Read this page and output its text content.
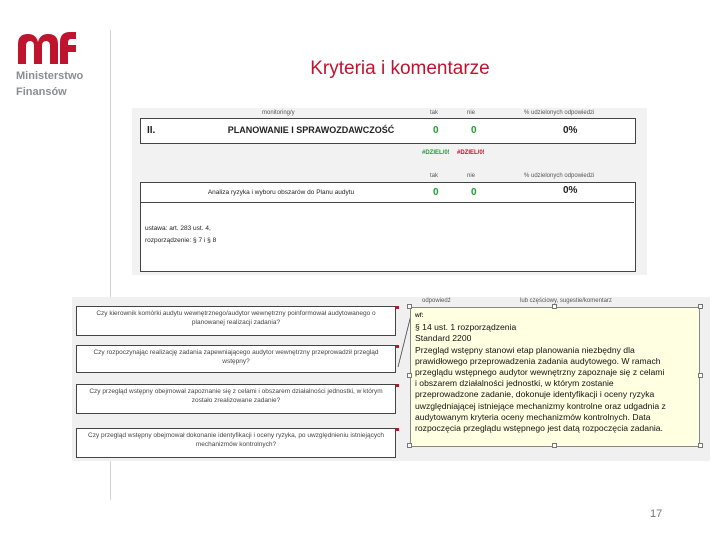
Ministerstwo
Finansów
Kryteria i komentarze
monitoring/y	tak	nie	% udzielonych odpowiedzi
II.	PLANOWANIE I SPRAWOZDAWCZOŚĆ	0	0	0%
#DZIEL/0! #DZIEL/0!
tak	nie	% udzielonych odpowiedzi
Analiza ryzyka i wyboru obszarów do Planu audytu	0	0	0%
ustawa: art. 283 ust. 4,
rozporządzenie: § 7 i § 8
odpowiedź	lub częściowy, sugestie/komentarz
Czy kierownik komórki audytu wewnętrznego/audytor wewnętrzny poinformował audytowanego o planowanej realizacji zadania?
Czy rozpoczynając realizację zadania zapewniającego audytor wewnętrzny przeprowadził przegląd wstępny?
Czy przegląd wstępny obejmował zapoznanie się z celami i obszarem działalności jednostki, w którym zostało zrealizowane zadanie?
Czy przegląd wstępny obejmował dokonanie identyfikacji i oceny ryzyka, po uwzględnieniu istniejących mechanizmów kontrolnych?
wf:
§ 14 ust. 1 rozporządzenia
Standard 2200
Przegląd wstępny stanowi etap planowania niezbędny dla
prawidłowego przeprowadzenia zadania audytowego. W ramach
przeglądu wstępnego audytor wewnętrzny zapoznaje się z celami
i obszarem działalności jednostki, w którym zostanie
przeprowadzone zadanie, dokonuje identyfikacji i oceny ryzyka
uwzględniającej istniejące mechanizmy kontrolne oraz udgadnia z
audytowanym kryteria oceny mechanizmów kontrolnych. Data
rozpoczęcia przeglądu wstępnego jest datą rozpoczęcia zadania.
17
